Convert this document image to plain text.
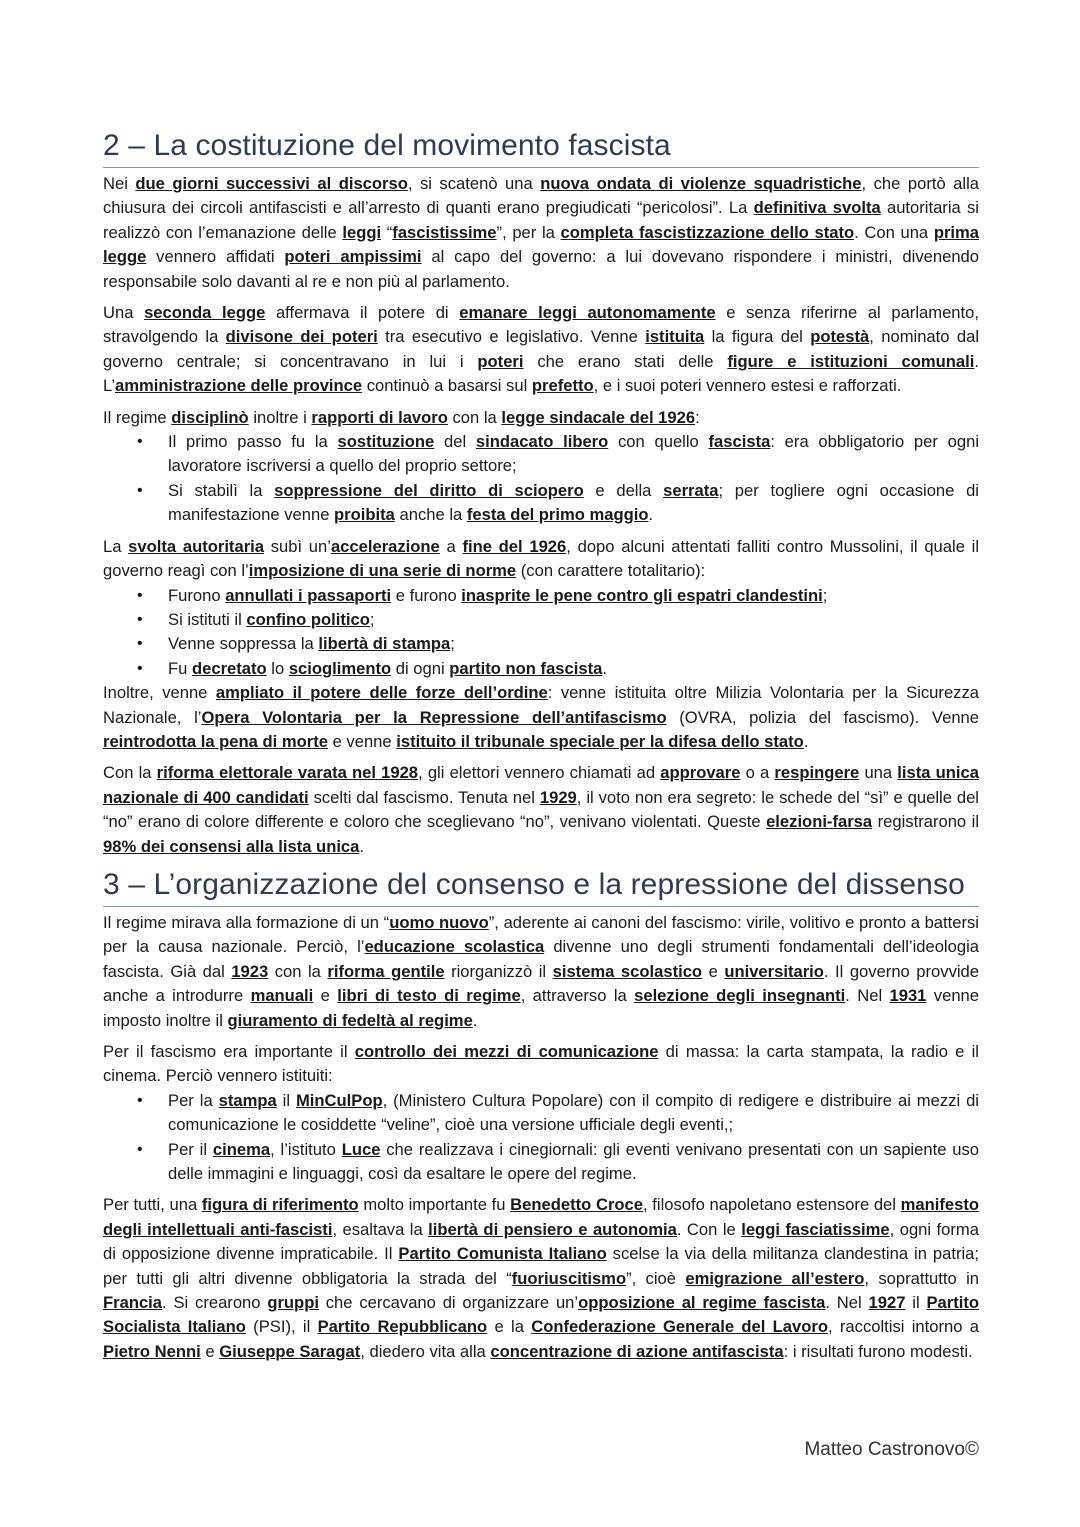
2 – La costituzione del movimento fascista

Nei due giorni successivi al discorso, si scatenò una nuova ondata di violenze squadristiche, che portò alla chiusura dei circoli antifascisti e all’arresto di quanti erano pregiudicati “pericolosi”. La definitiva svolta autoritaria si realizzò con l’emanazione delle leggi “fascistissime”, per la completa fascistizzazione dello stato. Con una prima legge vennero affidati poteri ampissimi al capo del governo: a lui dovevano rispondere i ministri, divenendo responsabile solo davanti al re e non più al parlamento.

Una seconda legge affermava il potere di emanare leggi autonomamente e senza riferirne al parlamento, stravolgendo la divisone dei poteri tra esecutivo e legislativo. Venne istituita la figura del potestà, nominato dal governo centrale; si concentravano in lui i poteri che erano stati delle figure e istituzioni comunali. L’amministrazione delle province continuò a basarsi sul prefetto, e i suoi poteri vennero estesi e rafforzati.

Il regime disciplinò inoltre i rapporti di lavoro con la legge sindacale del 1926:

• Il primo passo fu la sostituzione del sindacato libero con quello fascista: era obbligatorio per ogni lavoratore iscriversi a quello del proprio settore;
• Si stabilì la soppressione del diritto di sciopero e della serrata; per togliere ogni occasione di manifestazione venne proibita anche la festa del primo maggio.

La svolta autoritaria subì un’accelerazione a fine del 1926, dopo alcuni attentati falliti contro Mussolini, il quale il governo reagì con l’imposizione di una serie di norme (con carattere totalitario):

• Furono annullati i passaporti e furono inasprite le pene contro gli espatri clandestini;
• Si istituti il confino politico;
• Venne soppressa la libertà di stampa;
• Fu decretato lo scioglimento di ogni partito non fascista.

Inoltre, venne ampliato il potere delle forze dell’ordine: venne istituita oltre Milizia Volontaria per la Sicurezza Nazionale, l’Opera Volontaria per la Repressione dell’antifascismo (OVRA, polizia del fascismo). Venne reintrodotta la pena di morte e venne istituito il tribunale speciale per la difesa dello stato.

Con la riforma elettorale varata nel 1928, gli elettori vennero chiamati ad approvare o a respingere una lista unica nazionale di 400 candidati scelti dal fascismo. Tenuta nel 1929, il voto non era segreto: le schede del “sì” e quelle del “no” erano di colore differente e coloro che sceglievano “no”, venivano violentati. Queste elezioni-farsa registrarono il 98% dei consensi alla lista unica.

3 – L’organizzazione del consenso e la repressione del dissenso

Il regime mirava alla formazione di un “uomo nuovo”, aderente ai canoni del fascismo: virile, volitivo e pronto a battersi per la causa nazionale. Perciò, l’educazione scolastica divenne uno degli strumenti fondamentali dell’ideologia fascista. Già dal 1923 con la riforma gentile riorganizzò il sistema scolastico e universitario. Il governo provvide anche a introdurre manuali e libri di testo di regime, attraverso la selezione degli insegnanti. Nel 1931 venne imposto inoltre il giuramento di fedeltà al regime.

Per il fascismo era importante il controllo dei mezzi di comunicazione di massa: la carta stampata, la radio e il cinema. Perciò vennero istituiti:

• Per la stampa il MinCulPop, (Ministero Cultura Popolare) con il compito di redigere e distribuire ai mezzi di comunicazione le cosiddette “veline”, cioè una versione ufficiale degli eventi,;
• Per il cinema, l’istituto Luce che realizzava i cinegiornali: gli eventi venivano presentati con un sapiente uso delle immagini e linguaggi, così da esaltare le opere del regime.

Per tutti, una figura di riferimento molto importante fu Benedetto Croce, filosofo napoletano estensore del manifesto degli intellettuali anti-fascisti, esaltava la libertà di pensiero e autonomia. Con le leggi fasciatissime, ogni forma di opposizione divenne impraticabile. Il Partito Comunista Italiano scelse la via della militanza clandestina in patria; per tutti gli altri divenne obbligatoria la strada del “fuoriuscitismo”, cioè emigrazione all’estero, soprattutto in Francia. Si crearono gruppi che cercavano di organizzare un’opposizione al regime fascista. Nel 1927 il Partito Socialista Italiano (PSI), il Partito Repubblicano e la Confederazione Generale del Lavoro, raccoltisi intorno a Pietro Nenni e Giuseppe Saragat, diedero vita alla concentrazione di azione antifascista: i risultati furono modesti.

Matteo Castronovo©
